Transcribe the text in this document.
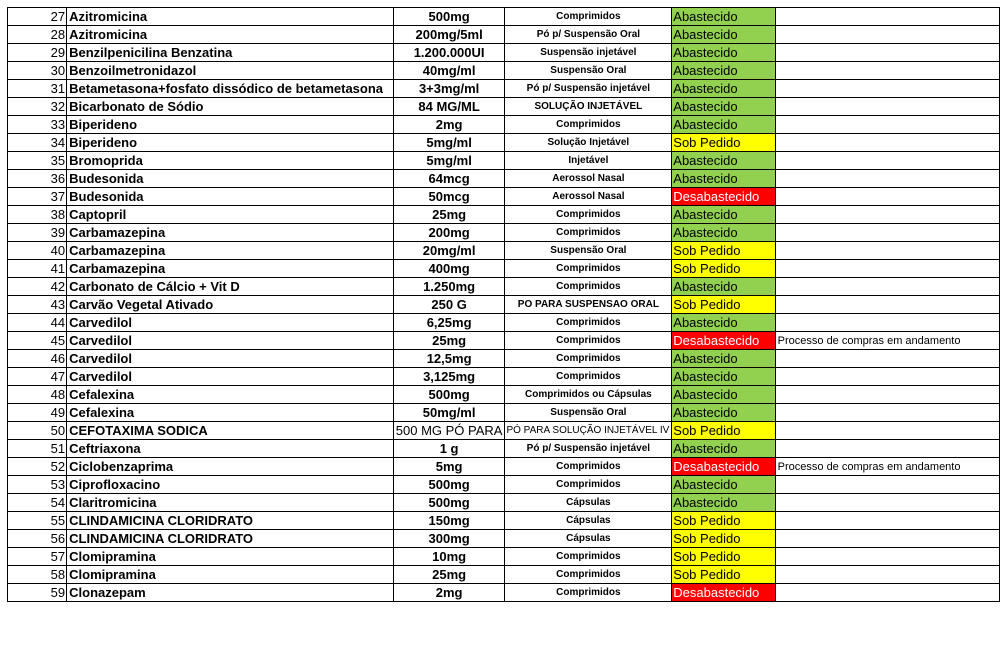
27	Azitromicina	500mg	Comprimidos	Abastecido	
28	Azitromicina	200mg/5ml	Pó p/ Suspensão Oral	Abastecido	
29	Benzilpenicilina Benzatina	1.200.000UI	Suspensão injetável	Abastecido	
30	Benzoilmetronidazol	40mg/ml	Suspensão Oral	Abastecido	
31	Betametasona+fosfato dissódico de betametasona	3+3mg/ml	Pó p/ Suspensão injetável	Abastecido	
32	Bicarbonato de Sódio	84 MG/ML	SOLUÇÃO INJETÁVEL	Abastecido	
33	Biperideno	2mg	Comprimidos	Abastecido	
34	Biperideno	5mg/ml	Solução Injetável	Sob Pedido	
35	Bromoprida	5mg/ml	Injetável	Abastecido	
36	Budesonida	64mcg	Aerossol Nasal	Abastecido	
37	Budesonida	50mcg	Aerossol Nasal	Desabastecido	
38	Captopril	25mg	Comprimidos	Abastecido	
39	Carbamazepina	200mg	Comprimidos	Abastecido	
40	Carbamazepina	20mg/ml	Suspensão Oral	Sob Pedido	
41	Carbamazepina	400mg	Comprimidos	Sob Pedido	
42	Carbonato de Cálcio + Vit D	1.250mg	Comprimidos	Abastecido	
43	Carvão Vegetal Ativado	250 G	PO PARA SUSPENSAO ORAL	Sob Pedido	
44	Carvedilol	6,25mg	Comprimidos	Abastecido	
45	Carvedilol	25mg	Comprimidos	Desabastecido	Processo de compras em andamento
46	Carvedilol	12,5mg	Comprimidos	Abastecido	
47	Carvedilol	3,125mg	Comprimidos	Abastecido	
48	Cefalexina	500mg	Comprimidos ou Cápsulas	Abastecido	
49	Cefalexina	50mg/ml	Suspensão Oral	Abastecido	
50	CEFOTAXIMA SODICA	500 MG PÓ PARA	PÓ PARA SOLUÇÃO INJETÁVEL IV	Sob Pedido	
51	Ceftriaxona	1 g	Pó p/ Suspensão injetável	Abastecido	
52	Ciclobenzaprima	5mg	Comprimidos	Desabastecido	Processo de compras em andamento
53	Ciprofloxacino	500mg	Comprimidos	Abastecido	
54	Claritromicina	500mg	Cápsulas	Abastecido	
55	CLINDAMICINA CLORIDRATO	150mg	Cápsulas	Sob Pedido	
56	CLINDAMICINA CLORIDRATO	300mg	Cápsulas	Sob Pedido	
57	Clomipramina	10mg	Comprimidos	Sob Pedido	
58	Clomipramina	25mg	Comprimidos	Sob Pedido	
59	Clonazepam	2mg	Comprimidos	Desabastecido	
